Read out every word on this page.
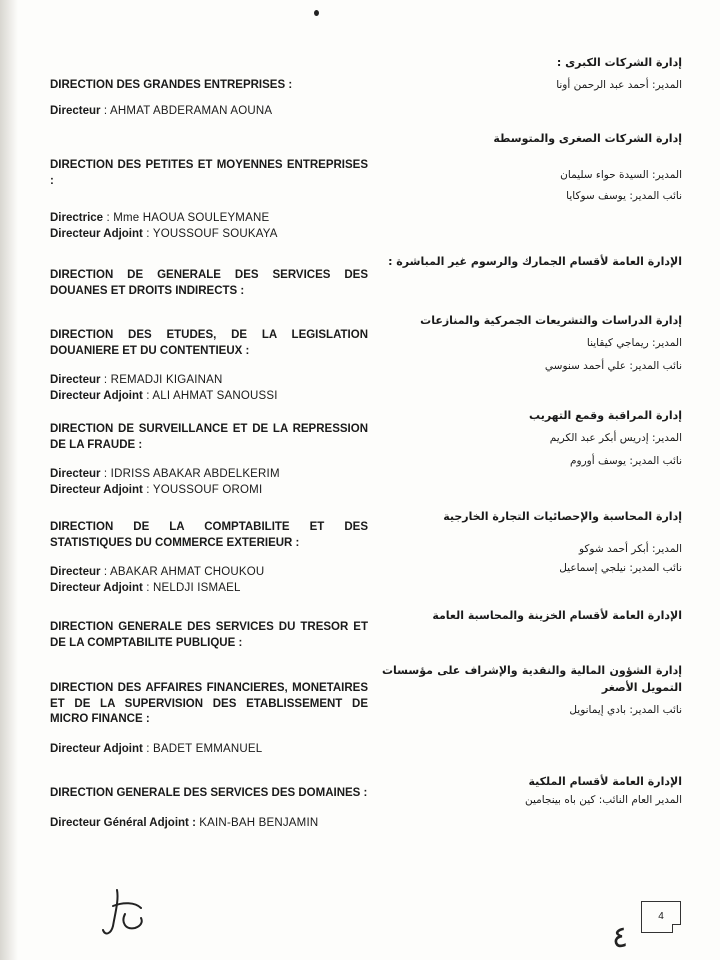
DIRECTION DES GRANDES ENTREPRISES :
Directeur : AHMAT ABDERAMAN AOUNA
DIRECTION DES PETITES ET MOYENNES ENTREPRISES :
Directrice : Mme HAOUA SOULEYMANE
Directeur Adjoint : YOUSSOUF SOUKAYA
DIRECTION DE GENERALE DES SERVICES DES DOUANES ET DROITS INDIRECTS :
DIRECTION DES ETUDES, DE LA LEGISLATION DOUANIERE ET DU CONTENTIEUX :
Directeur : REMADJI KIGAINAN
Directeur Adjoint : ALI AHMAT SANOUSSI
DIRECTION DE SURVEILLANCE ET DE LA REPRESSION DE LA FRAUDE :
Directeur : IDRISS ABAKAR ABDELKERIM
Directeur Adjoint : YOUSSOUF OROMI
DIRECTION DE LA COMPTABILITE ET DES STATISTIQUES DU COMMERCE EXTERIEUR :
Directeur : ABAKAR AHMAT CHOUKOU
Directeur Adjoint : NELDJI ISMAEL
DIRECTION GENERALE DES SERVICES DU TRESOR ET DE LA COMPTABILITE PUBLIQUE :
DIRECTION DES AFFAIRES FINANCIERES, MONETAIRES ET DE LA SUPERVISION DES ETABLISSEMENT DE MICRO FINANCE :
Directeur Adjoint : BADET EMMANUEL
DIRECTION GENERALE DES SERVICES DES DOMAINES :
Directeur Général Adjoint : KAIN-BAH BENJAMIN
إدارة الشركات الكبرى :
المدير: أحمد عبد الرحمن أونا
إدارة الشركات الصغرى والمتوسطة
المدير: السيدة حواء سليمان
نائب المدير: يوسف سوكايا
الإدارة العامة لأقسام الجمارك والرسوم غير المباشرة :
إدارة الدراسات والتشريعات الجمركية والمنازعات
المدير: ريماجي كيقاينا
نائب المدير: علي أحمد سنوسي
إدارة المراقبة وقمع التهريب
المدير: إدريس أبكر عبد الكريم
نائب المدير: يوسف أوروم
إدارة المحاسبة والإحصائيات التجارة الخارجية
المدير: أبكر أحمد شوكو
نائب المدير: نيلجي إسماعيل
الإدارة العامة لأقسام الخزينة والمحاسبة العامة
إدارة الشؤون المالية والنقدية والإشراف على مؤسسات التمويل الأصغر
نائب المدير: بادي إيمانويل
الإدارة العامة لأقسام الملكية
المدير العام النائب: كين باه بينجامين
4
٤
